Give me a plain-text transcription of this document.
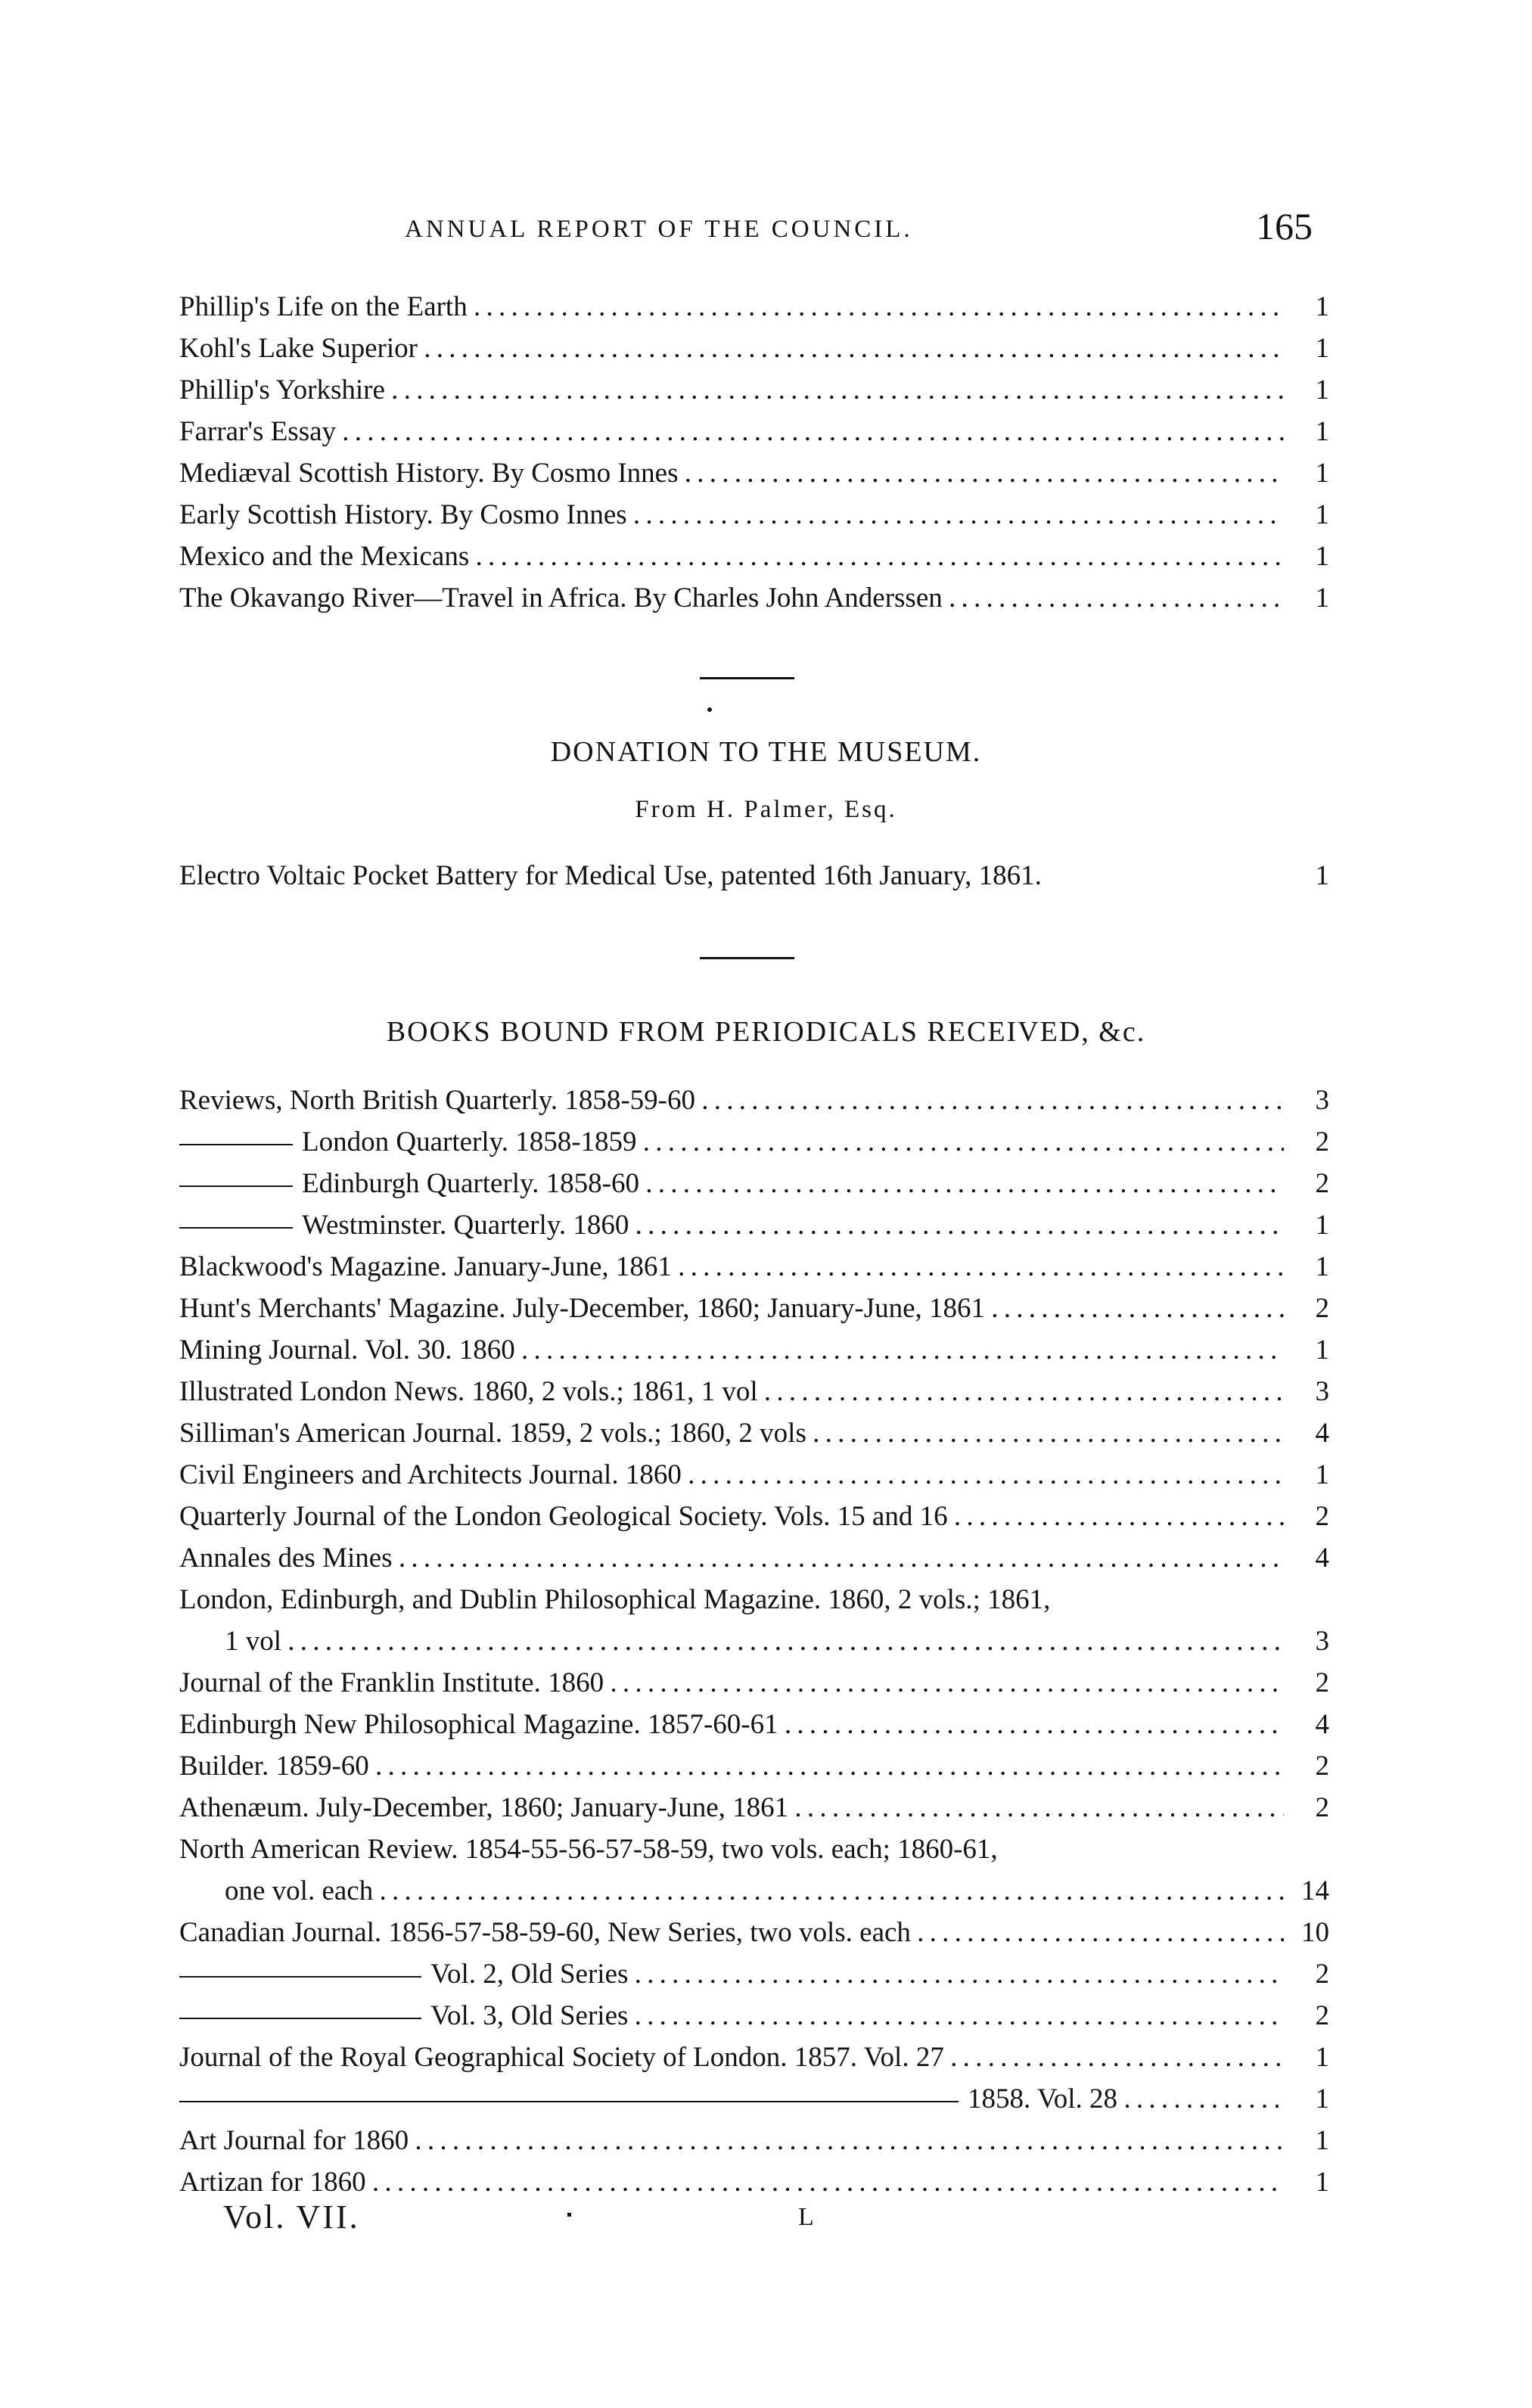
ANNUAL REPORT OF THE COUNCIL.	165
Phillip's Life on the Earth . . .	1
Kohl's Lake Superior . . .	1
Phillip's Yorkshire . . .	1
Farrar's Essay . . .	1
Mediæval Scottish History. By Cosmo Innes . . .	1
Early Scottish History. By Cosmo Innes . . .	1
Mexico and the Mexicans . . .	1
The Okavango River—Travel in Africa. By Charles John Anderssen . . .	1
DONATION TO THE MUSEUM.
From H. Palmer, Esq.
Electro Voltaic Pocket Battery for Medical Use, patented 16th January, 1861.	1
BOOKS BOUND FROM PERIODICALS RECEIVED, &c.
Reviews, North British Quarterly. 1858-59-60 . . .	3
London Quarterly. 1858-1859 . . .	2
Edinburgh Quarterly. 1858-60 . . .	2
Westminster. Quarterly. 1860 . . .	1
Blackwood's Magazine. January-June, 1861 . . .	1
Hunt's Merchants' Magazine. July-December, 1860; January-June, 1861 . . .	2
Mining Journal. Vol. 30. 1860 . . .	1
Illustrated London News. 1860, 2 vols.; 1861, 1 vol . . .	3
Silliman's American Journal. 1859, 2 vols.; 1860, 2 vols . . .	4
Civil Engineers and Architects Journal. 1860 . . .	1
Quarterly Journal of the London Geological Society. Vols. 15 and 16 . . .	2
Annales des Mines . . .	4
London, Edinburgh, and Dublin Philosophical Magazine. 1860, 2 vols.; 1861,
1 vol . . .	3
Journal of the Franklin Institute. 1860 . . .	2
Edinburgh New Philosophical Magazine. 1857-60-61 . . .	4
Builder. 1859-60 . . .	2
Athenæum. July-December, 1860; January-June, 1861 . . .	2
North American Review. 1854-55-56-57-58-59, two vols. each; 1860-61,
one vol. each . . .	14
Canadian Journal. 1856-57-58-59-60, New Series, two vols. each . . .	10
Vol. 2, Old Series . . .	2
Vol. 3, Old Series . . .	2
Journal of the Royal Geographical Society of London. 1857. Vol. 27 . . .	1
1858. Vol. 28 . . .	1
Art Journal for 1860 . . .	1
Artizan for 1860 . . .	1
Vol. VII.	L
